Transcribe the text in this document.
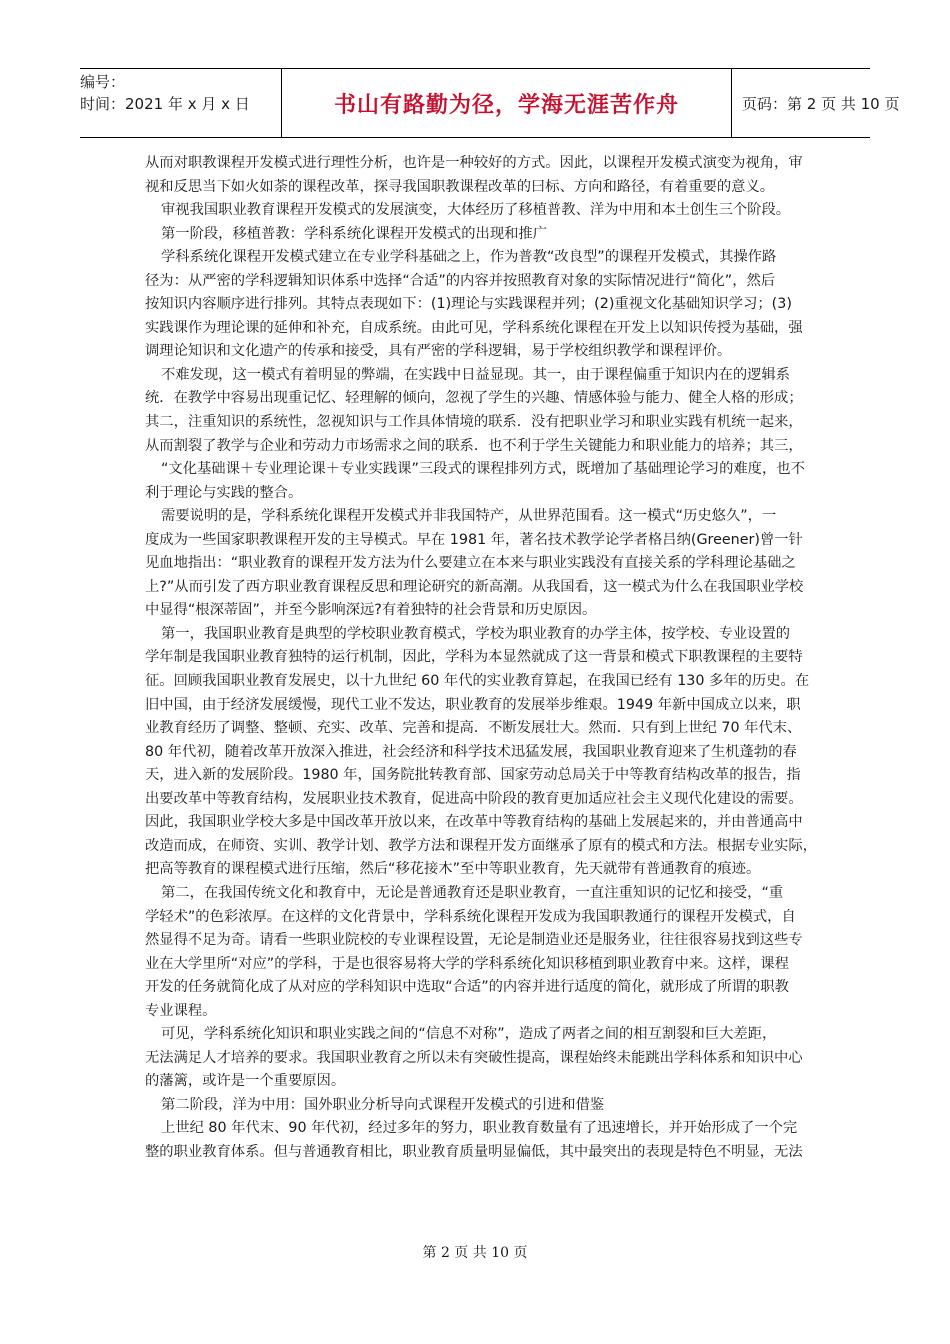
编号：
时间：2021 年 x 月 x 日	书山有路勤为径，学海无涯苦作舟	页码：第 2 页 共 10 页
从而对职教课程开发模式进行理性分析，也许是一种较好的方式。因此，以课程开发模式演变为视角，审
视和反思当下如火如荼的课程改革，探寻我国职教课程改革的曰标、方向和路径，有着重要的意义。
审视我国职业教育课程开发模式的发展演变，大体经历了移植普教、洋为中用和本土创生三个阶段。
第一阶段，移植普教：学科系统化课程开发模式的出现和推广
学科系统化课程开发模式建立在专业学科基础之上，作为普教“改良型”的课程开发模式，其操作路
径为：从严密的学科逻辑知识体系中选择“合适”的内容并按照教育对象的实际情况进行“简化”，然后
按知识内容顺序进行排列。其特点表现如下：(1)理论与实践课程并列；(2)重视文化基础知识学习；(3)
实践课作为理论课的延伸和补充，自成系统。由此可见，学科系统化课程在开发上以知识传授为基础，强
调理论知识和文化遗产的传承和接受，具有严密的学科逻辑，易于学校组织教学和课程评价。
不难发现，这一模式有着明显的弊端，在实践中日益显现。其一，由于课程偏重于知识内在的逻辑系
统．在教学中容易出现重记忆、轻理解的倾向，忽视了学生的兴趣、情感体验与能力、健全人格的形成；
其二，注重知识的系统性，忽视知识与工作具体情境的联系．没有把职业学习和职业实践有机统一起来，
从而割裂了教学与企业和劳动力市场需求之间的联系．也不利于学生关键能力和职业能力的培养；其三，
“文化基础课＋专业理论课＋专业实践课”三段式的课程排列方式，既增加了基础理论学习的难度，也不
利于理论与实践的整合。
需要说明的是，学科系统化课程开发模式并非我国特产，从世界范围看。这一模式“历史悠久”，一
度成为一些国家职教课程开发的主导模式。早在 1981 年，著名技术教学论学者格吕纳(Greener)曾一针
见血地指出：“职业教育的课程开发方法为什么要建立在本来与职业实践没有直接关系的学科理论基础之
上?”从而引发了西方职业教育课程反思和理论研究的新高潮。从我国看，这一模式为什么在我国职业学校
中显得“根深蒂固”，并至今影响深远?有着独特的社会背景和历史原因。
第一，我国职业教育是典型的学校职业教育模式，学校为职业教育的办学主体，按学校、专业设置的
学年制是我国职业教育独特的运行机制，因此，学科为本显然就成了这一背景和模式下职教课程的主要特
征。回顾我国职业教育发展史，以十九世纪 60 年代的实业教育算起，在我国已经有 130 多年的历史。在
旧中国，由于经济发展缓慢，现代工业不发达，职业教育的发展举步维艰。1949 年新中国成立以来，职
业教育经历了调整、整顿、充实、改革、完善和提高．不断发展壮大。然而．只有到上世纪 70 年代末、
80 年代初，随着改革开放深入推进，社会经济和科学技术迅猛发展，我国职业教育迎来了生机蓬勃的春
天，进入新的发展阶段。1980 年，国务院批转教育部、国家劳动总局关于中等教育结构改革的报告，指
出要改革中等教育结构，发展职业技术教育，促进高中阶段的教育更加适应社会主义现代化建设的需要。
因此，我国职业学校大多是中国改革开放以来，在改革中等教育结构的基础上发展起来的，并由普通高中
改造而成，在师资、实训、教学计划、教学方法和课程开发方面继承了原有的模式和方法。根据专业实际，
把高等教育的课程模式进行压缩，然后“移花接木”至中等职业教育，先天就带有普通教育的痕迹。
第二，在我国传统文化和教育中，无论是普通教育还是职业教育，一直注重知识的记忆和接受，“重
学轻术”的色彩浓厚。在这样的文化背景中，学科系统化课程开发成为我国职教通行的课程开发模式，自
然显得不足为奇。请看一些职业院校的专业课程设置，无论是制造业还是服务业，往往很容易找到这些专
业在大学里所“对应”的学科，于是也很容易将大学的学科系统化知识移植到职业教育中来。这样，课程
开发的任务就简化成了从对应的学科知识中选取“合适”的内容并进行适度的简化，就形成了所谓的职教
专业课程。
可见，学科系统化知识和职业实践之间的“信息不对称”，造成了两者之间的相互割裂和巨大差距，
无法满足人才培养的要求。我国职业教育之所以未有突破性提高，课程始终未能跳出学科体系和知识中心
的藩篱，或许是一个重要原因。
第二阶段，洋为中用：国外职业分析导向式课程开发模式的引进和借鉴
上世纪 80 年代末、90 年代初，经过多年的努力，职业教育数量有了迅速增长，并开始形成了一个完
整的职业教育体系。但与普通教育相比，职业教育质量明显偏低，其中最突出的表现是特色不明显，无法
第 2 页 共 10 页
